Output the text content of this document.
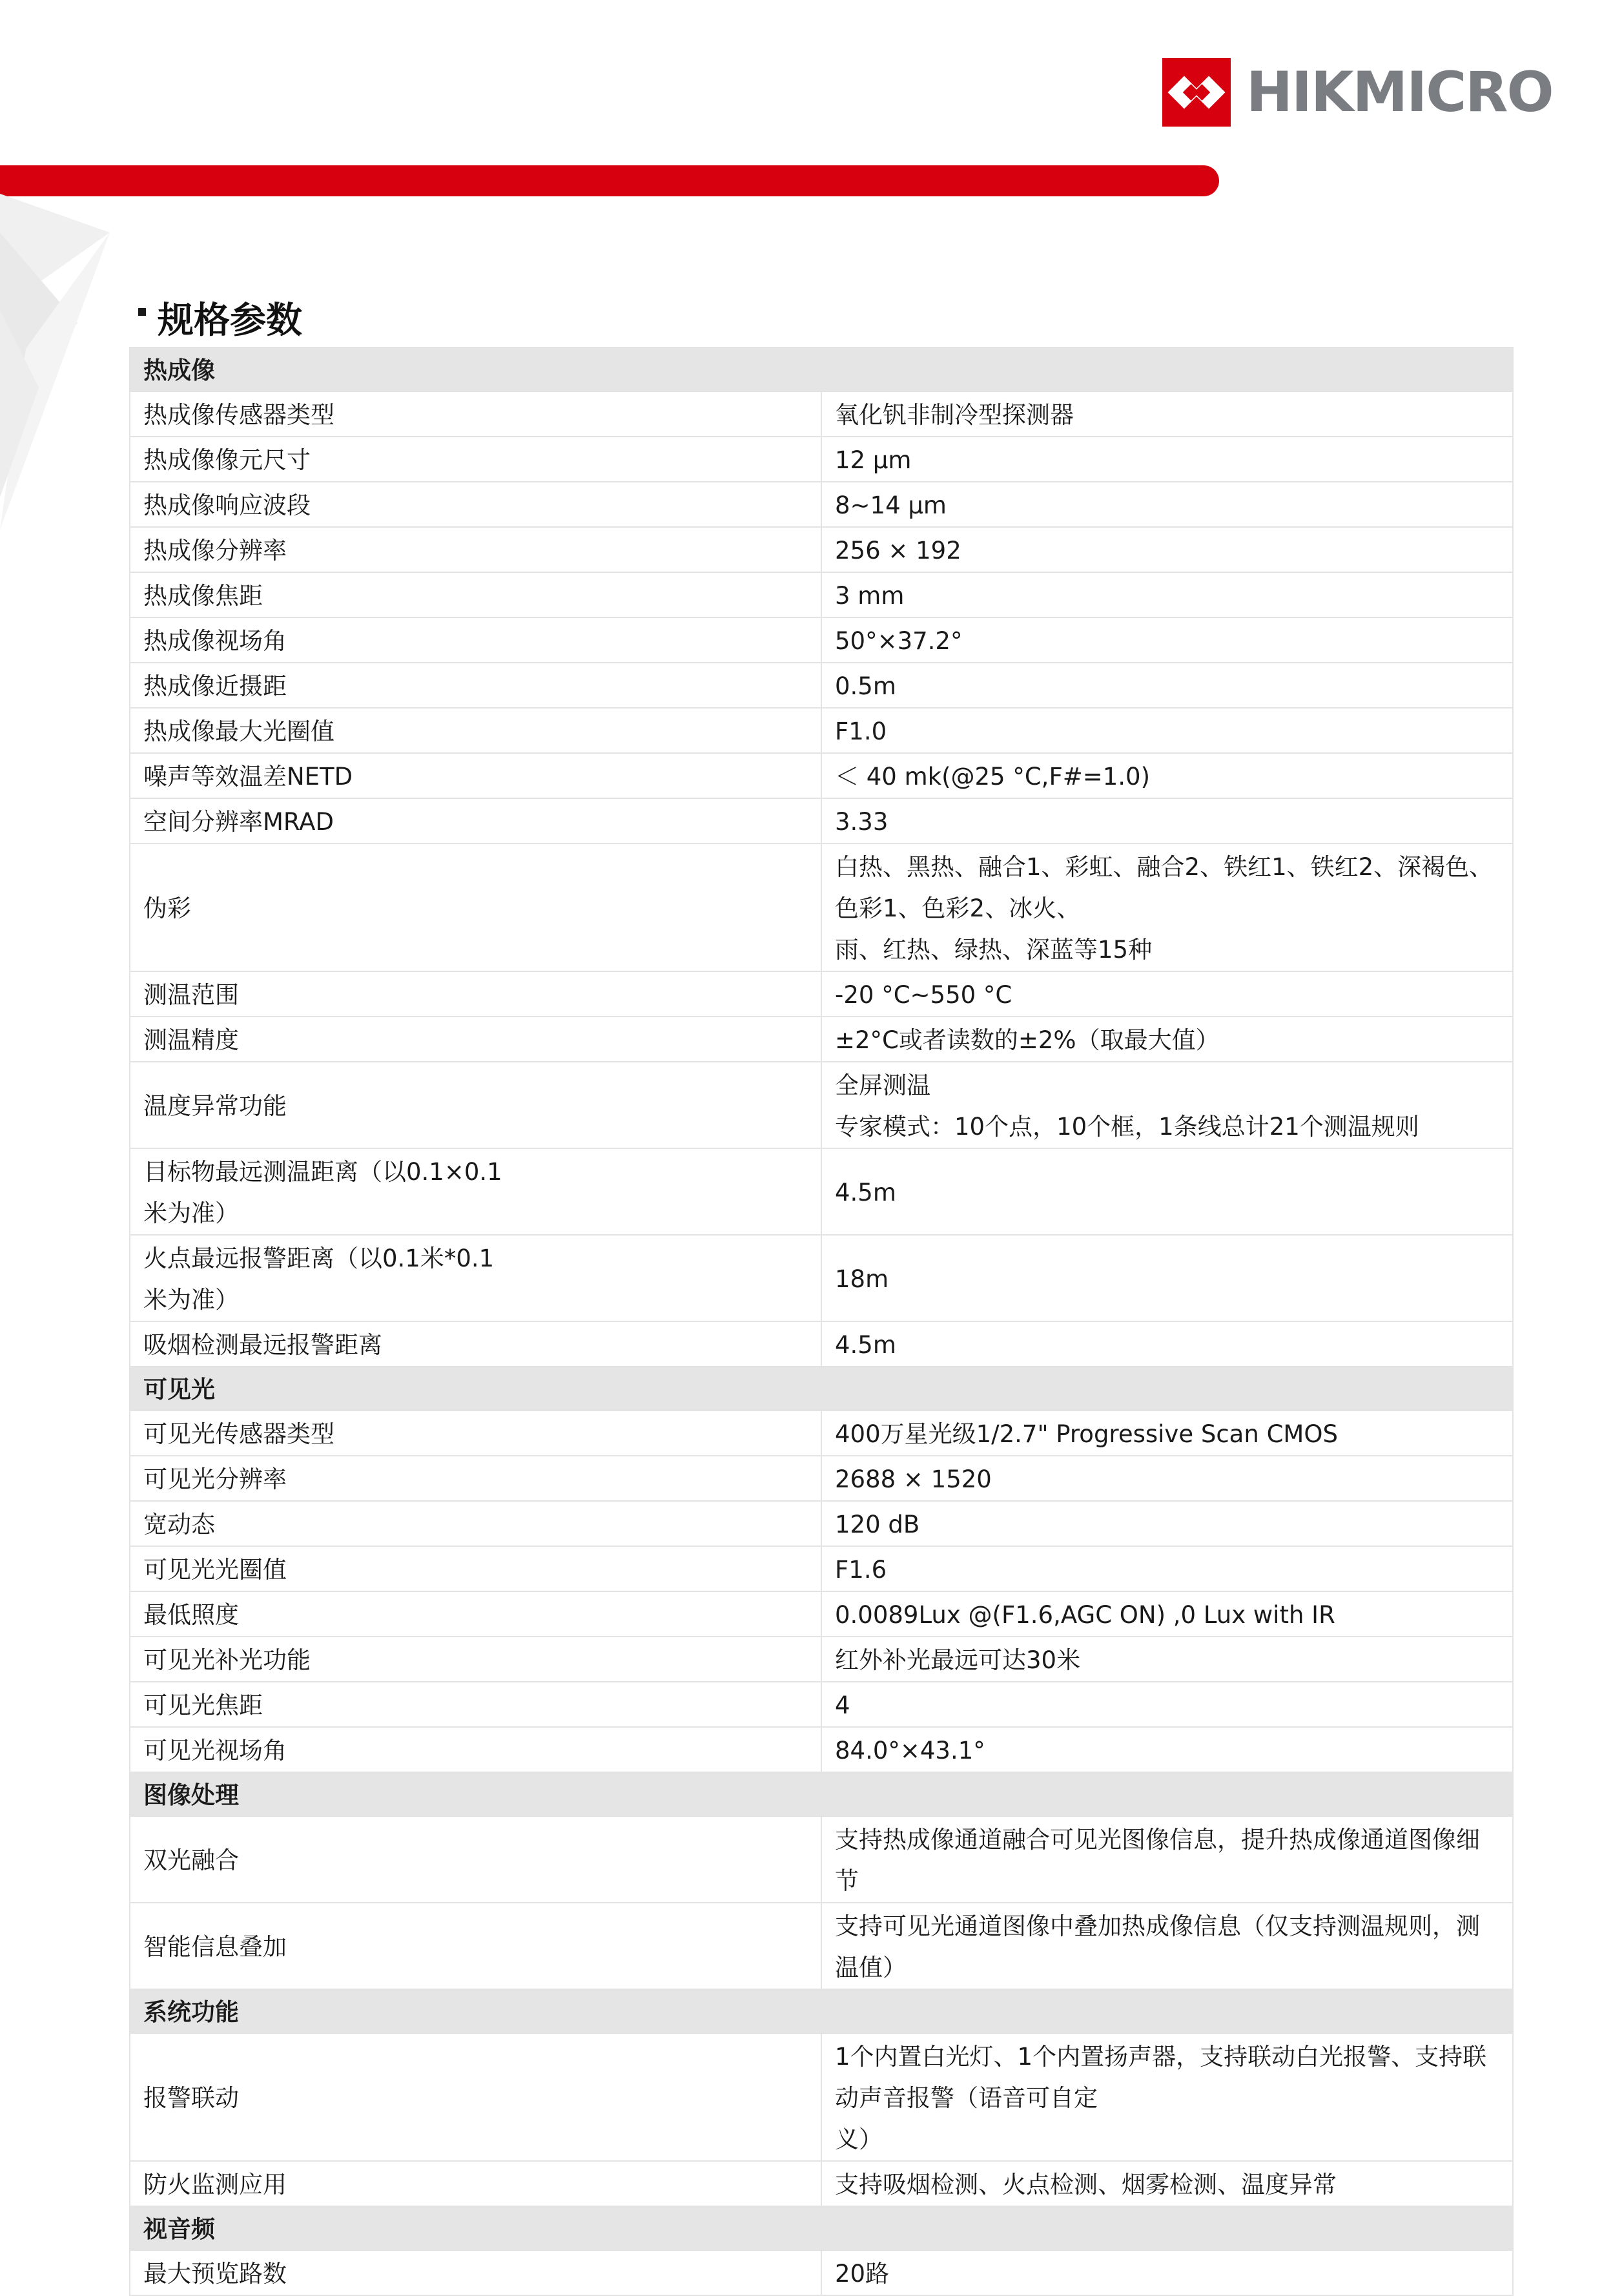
HIKMICRO
规格参数
热成像	
热成像传感器类型	氧化钒非制冷型探测器

热成像像元尺寸	12 μm

热成像响应波段	8~14 μm

热成像分辨率	256 × 192

热成像焦距	3 mm

热成像视场角	50°×37.2°

热成像近摄距	0.5m

热成像最大光圈值	F1.0

噪声等效温差NETD	＜ 40 mk(@25 °C,F#=1.0)

空间分辨率MRAD	3.33

伪彩	白热、黑热、融合1、彩虹、融合2、铁红1、铁红2、深褐色、色彩1、色彩2、冰火、
雨、红热、绿热、深蓝等15种

测温范围	-20 °C~550 °C

测温精度	±2°C或者读数的±2%（取最大值）

温度异常功能	全屏测温
专家模式：10个点，10个框，1条线总计21个测温规则

目标物最远测温距离（以0.1×0.1
米为准）	4.5m

火点最远报警距离（以0.1米*0.1
米为准）	18m

吸烟检测最远报警距离	4.5m

可见光	
可见光传感器类型	400万星光级1/2.7" Progressive Scan CMOS

可见光分辨率	2688 × 1520

宽动态	120 dB

可见光光圈值	F1.6

最低照度	0.0089Lux @(F1.6,AGC ON) ,0 Lux with IR

可见光补光功能	红外补光最远可达30米

可见光焦距	4

可见光视场角	84.0°×43.1°

图像处理	
双光融合	支持热成像通道融合可见光图像信息，提升热成像通道图像细节

智能信息叠加	支持可见光通道图像中叠加热成像信息（仅支持测温规则，测温值）

系统功能	
报警联动	1个内置白光灯、1个内置扬声器，支持联动白光报警、支持联动声音报警（语音可自定
义）

防火监测应用	支持吸烟检测、火点检测、烟雾检测、温度异常

视音频	
最大预览路数	20路
